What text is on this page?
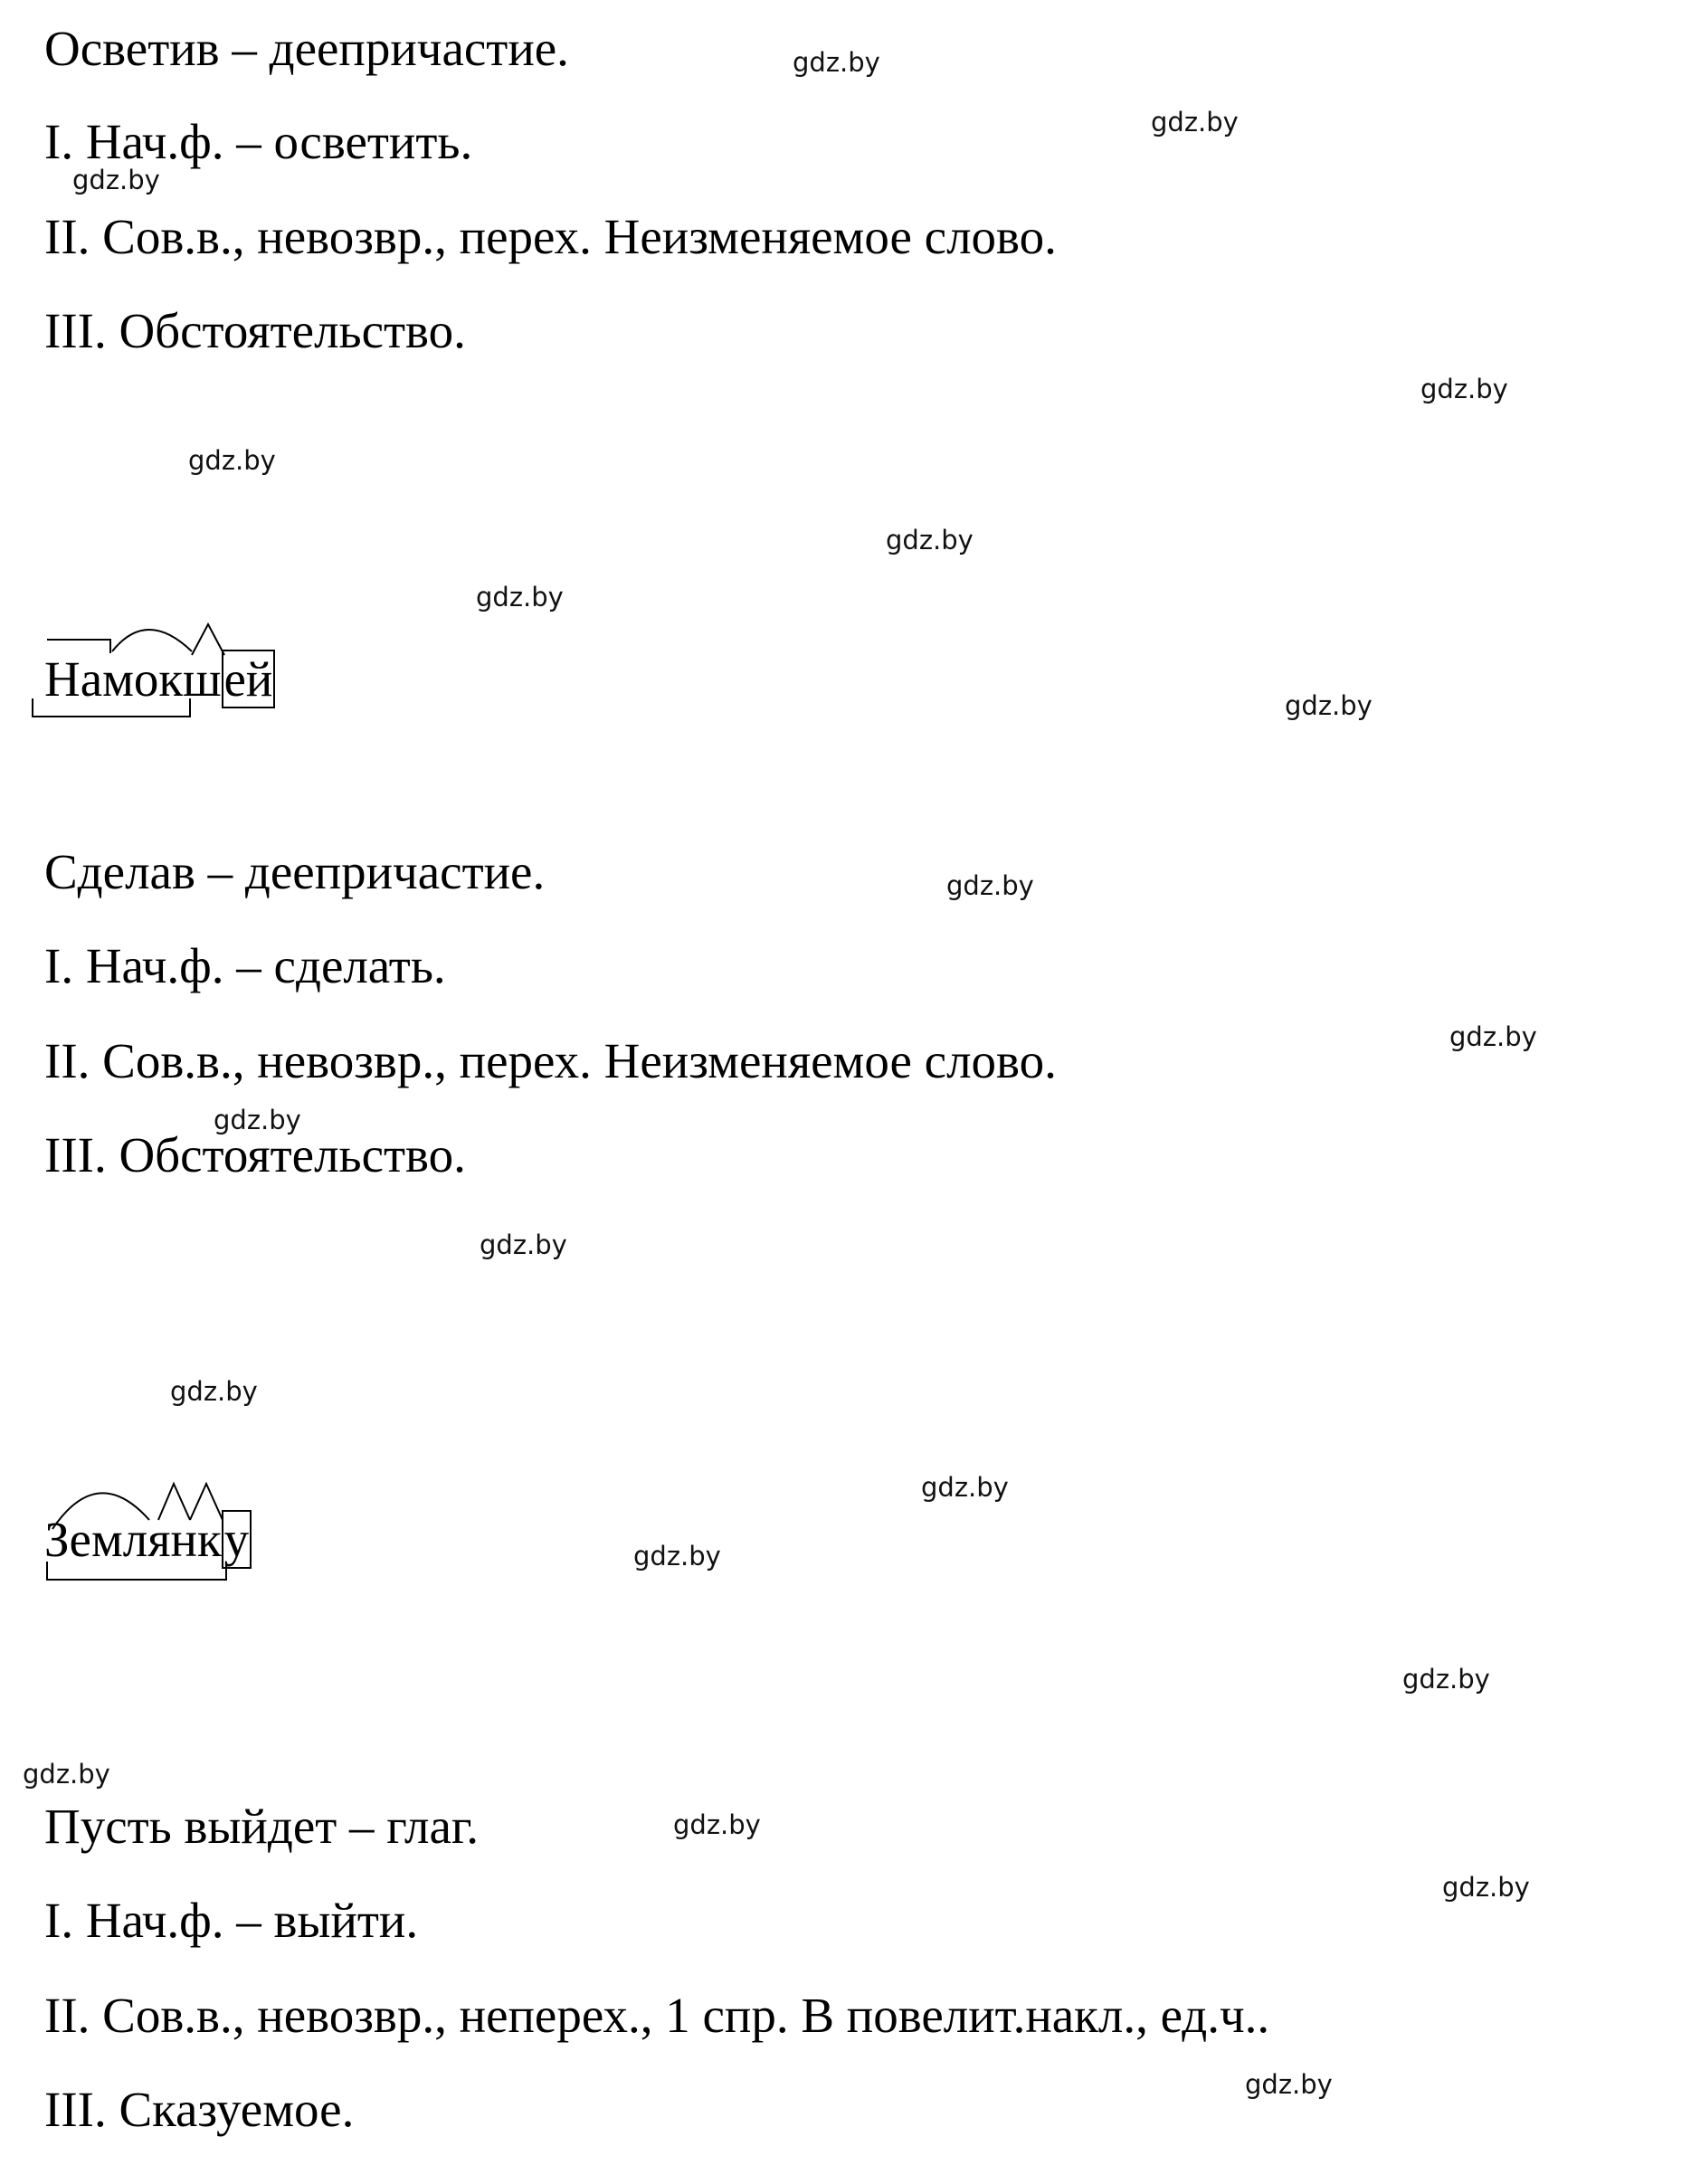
Осветив – деепричастие.
I. Нач.ф. – осветить.
II. Сов.в., невозвр., перех. Неизменяемое слово.
III. Обстоятельство.
Намокшей
Сделав – деепричастие.
I. Нач.ф. – сделать.
II. Сов.в., невозвр., перех. Неизменяемое слово.
III. Обстоятельство.
Землянку
Пусть выйдет – глаг.
I. Нач.ф. – выйти.
II. Сов.в., невозвр., неперех., 1 спр. В повелит.накл., ед.ч..
III. Сказуемое.
gdz.by
gdz.by
gdz.by
gdz.by
gdz.by
gdz.by
gdz.by
gdz.by
gdz.by
gdz.by
gdz.by
gdz.by
gdz.by
gdz.by
gdz.by
gdz.by
gdz.by
gdz.by
gdz.by
gdz.by
